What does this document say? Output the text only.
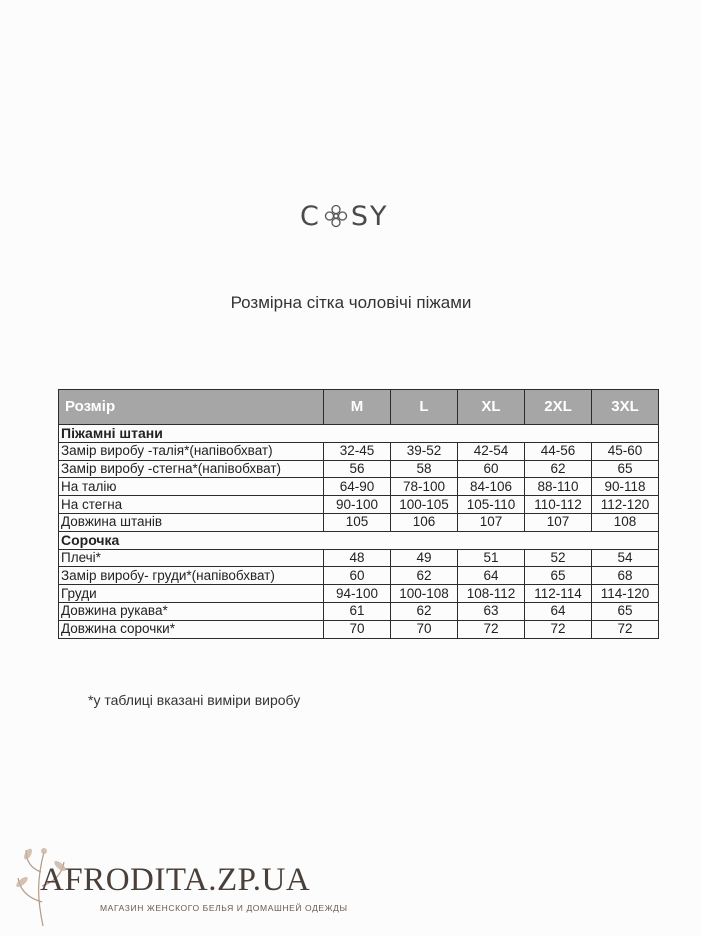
C SY
Розмірна сітка чоловічі піжами
Розмір	M	L	XL	2XL	3XL
Піжамні штани					
Замір виробу -талія*(напівобхват)	32-45	39-52	42-54	44-56	45-60
Замір виробу -стегна*(напівобхват)	56	58	60	62	65
На талію	64-90	78-100	84-106	88-110	90-118
На стегна	90-100	100-105	105-110	110-112	112-120
Довжина штанів	105	106	107	107	108
Сорочка					
Плечі*	48	49	51	52	54
Замір виробу- груди*(напівобхват)	60	62	64	65	68
Груди	94-100	100-108	108-112	112-114	114-120
Довжина рукава*	61	62	63	64	65
Довжина сорочки*	70	70	72	72	72
*у таблиці вказані виміри виробу
AFRODITA.ZP.UA
МАГАЗИН ЖЕНСКОГО БЕЛЬЯ И ДОМАШНЕЙ ОДЕЖДЫ
